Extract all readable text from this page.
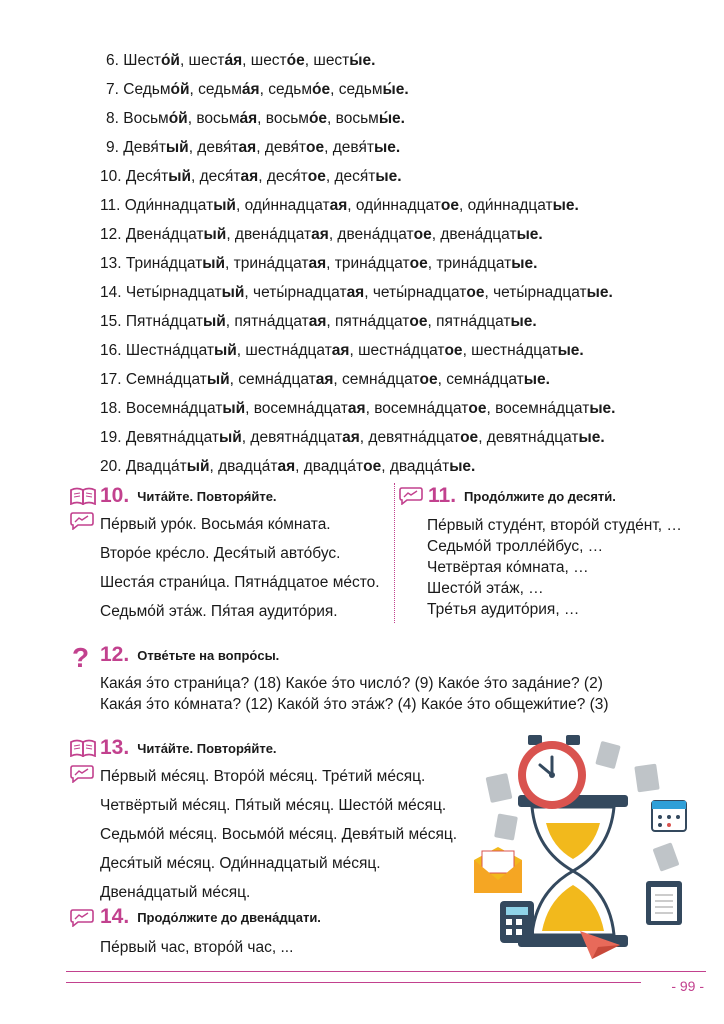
6. Шесто́й, шеста́я, шесто́е, шесты́е.
7. Седьмо́й, седьма́я, седьмо́е, седьмы́е.
8. Восьмо́й, восьма́я, восьмо́е, восьмы́е.
9. Девя́тый, девя́тая, девя́тое, девя́тые.
10. Деся́тый, деся́тая, деся́тое, деся́тые.
11. Оди́ннадцатый, оди́ннадцатая, оди́ннадцатое, оди́ннадцатые.
12. Двена́дцатый, двена́дцатая, двена́дцатое, двена́дцатые.
13. Трина́дцатый, трина́дцатая, трина́дцатое, трина́дцатые.
14. Четы́рнадцатый, четы́рнадцатая, четы́рнадцатое, четы́рнадцатые.
15. Пятна́дцатый, пятна́дцатая, пятна́дцатое, пятна́дцатые.
16. Шестна́дцатый, шестна́дцатая, шестна́дцатое, шестна́дцатые.
17. Семна́дцатый, семна́дцатая, семна́дцатое, семна́дцатые.
18. Восемна́дцатый, восемна́дцатая, восемна́дцатое, восемна́дцатые.
19. Девятна́дцатый, девятна́дцатая, девятна́дцатое, девятна́дцатые.
20. Двадца́тый, двадца́тая, двадца́тое, двадца́тые.
10. Чита́йте. Повторя́йте.
Пе́рвый уро́к. Восьма́я ко́мната.
Второ́е кре́сло. Деся́тый авто́бус.
Шеста́я страни́ца. Пятна́дцатое ме́сто.
Седьмо́й эта́ж. Пя́тая аудито́рия.
11. Продо́лжите до десяти́.
Пе́рвый студе́нт, второ́й студе́нт, …
Седьмо́й тролле́йбус, …
Четвёртая ко́мната, …
Шесто́й эта́ж, …
Тре́тья аудито́рия, …
? 12. Отве́тьте на вопро́сы.
Кака́я э́то страни́ца? (18) Како́е э́то число́? (9) Како́е э́то зада́ние? (2)
Кака́я э́то ко́мната? (12) Како́й э́то эта́ж? (4) Како́е э́то общежи́тие? (3)
13. Чита́йте. Повторя́йте.
Пе́рвый ме́сяц. Второ́й ме́сяц. Тре́тий ме́сяц.
Четвёртый ме́сяц. Пя́тый ме́сяц. Шесто́й ме́сяц.
Седьмо́й ме́сяц. Восьмо́й ме́сяц. Девя́тый ме́сяц.
Деся́тый ме́сяц. Оди́ннадцатый ме́сяц.
Двена́дцатый ме́сяц.
14. Продо́лжите до двена́дцати.
Пе́рвый час, второ́й час, ...
- 99 -
